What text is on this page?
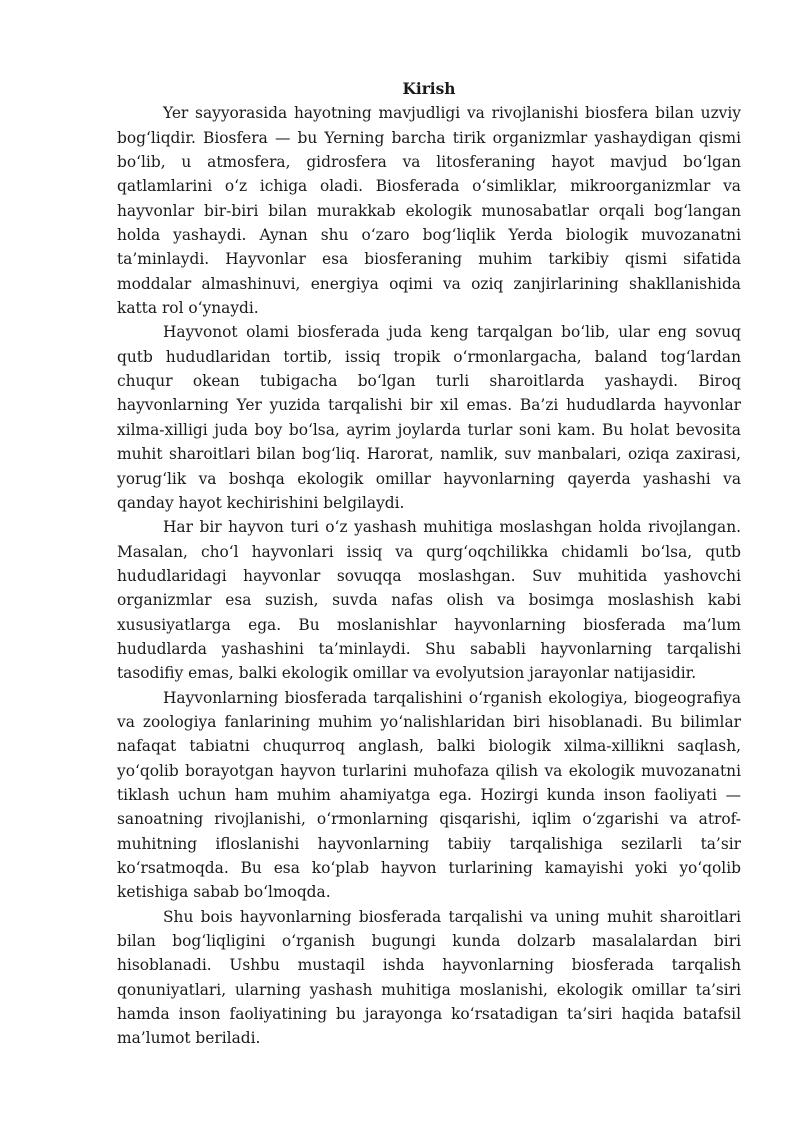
Kirish

Yer sayyorasida hayotning mavjudligi va rivojlanishi biosfera bilan uzviy bog‘liqdir. Biosfera — bu Yerning barcha tirik organizmlar yashaydigan qismi bo‘lib, u atmosfera, gidrosfera va litosferaning hayot mavjud bo‘lgan qatlamlarini o‘z ichiga oladi. Biosferada o‘simliklar, mikroorganizmlar va hayvonlar bir-biri bilan murakkab ekologik munosabatlar orqali bog‘langan holda yashaydi. Aynan shu o‘zaro bog‘liqlik Yerda biologik muvozanatni ta’minlaydi. Hayvonlar esa biosferaning muhim tarkibiy qismi sifatida moddalar almashinuvi, energiya oqimi va oziq zanjirlarining shakllanishida katta rol o‘ynaydi.

Hayvonot olami biosferada juda keng tarqalgan bo‘lib, ular eng sovuq qutb hududlaridan tortib, issiq tropik o‘rmonlargacha, baland tog‘lardan chuqur okean tubigacha bo‘lgan turli sharoitlarda yashaydi. Biroq hayvonlarning Yer yuzida tarqalishi bir xil emas. Ba’zi hududlarda hayvonlar xilma-xilligi juda boy bo‘lsa, ayrim joylarda turlar soni kam. Bu holat bevosita muhit sharoitlari bilan bog‘liq. Harorat, namlik, suv manbalari, oziqa zaxirasi, yorug‘lik va boshqa ekologik omillar hayvonlarning qayerda yashashi va qanday hayot kechirishini belgilaydi.

Har bir hayvon turi o‘z yashash muhitiga moslashgan holda rivojlangan. Masalan, cho‘l hayvonlari issiq va qurg‘oqchilikka chidamli bo‘lsa, qutb hududlaridagi hayvonlar sovuqqa moslashgan. Suv muhitida yashovchi organizmlar esa suzish, suvda nafas olish va bosimga moslashish kabi xususiyatlarga ega. Bu moslanishlar hayvonlarning biosferada ma’lum hududlarda yashashini ta’minlaydi. Shu sababli hayvonlarning tarqalishi tasodifiy emas, balki ekologik omillar va evolyutsion jarayonlar natijasidir.

Hayvonlarning biosferada tarqalishini o‘rganish ekologiya, biogeografiya va zoologiya fanlarining muhim yo‘nalishlaridan biri hisoblanadi. Bu bilimlar nafaqat tabiatni chuqurroq anglash, balki biologik xilma-xillikni saqlash, yo‘qolib borayotgan hayvon turlarini muhofaza qilish va ekologik muvozanatni tiklash uchun ham muhim ahamiyatga ega. Hozirgi kunda inson faoliyati — sanoatning rivojlanishi, o‘rmonlarning qisqarishi, iqlim o‘zgarishi va atrof-muhitning ifloslanishi hayvonlarning tabiiy tarqalishiga sezilarli ta’sir ko‘rsatmoqda. Bu esa ko‘plab hayvon turlarining kamayishi yoki yo‘qolib ketishiga sabab bo‘lmoqda.

Shu bois hayvonlarning biosferada tarqalishi va uning muhit sharoitlari bilan bog‘liqligini o‘rganish bugungi kunda dolzarb masalalardan biri hisoblanadi. Ushbu mustaqil ishda hayvonlarning biosferada tarqalish qonuniyatlari, ularning yashash muhitiga moslanishi, ekologik omillar ta’siri hamda inson faoliyatining bu jarayonga ko‘rsatadigan ta’siri haqida batafsil ma’lumot beriladi.
